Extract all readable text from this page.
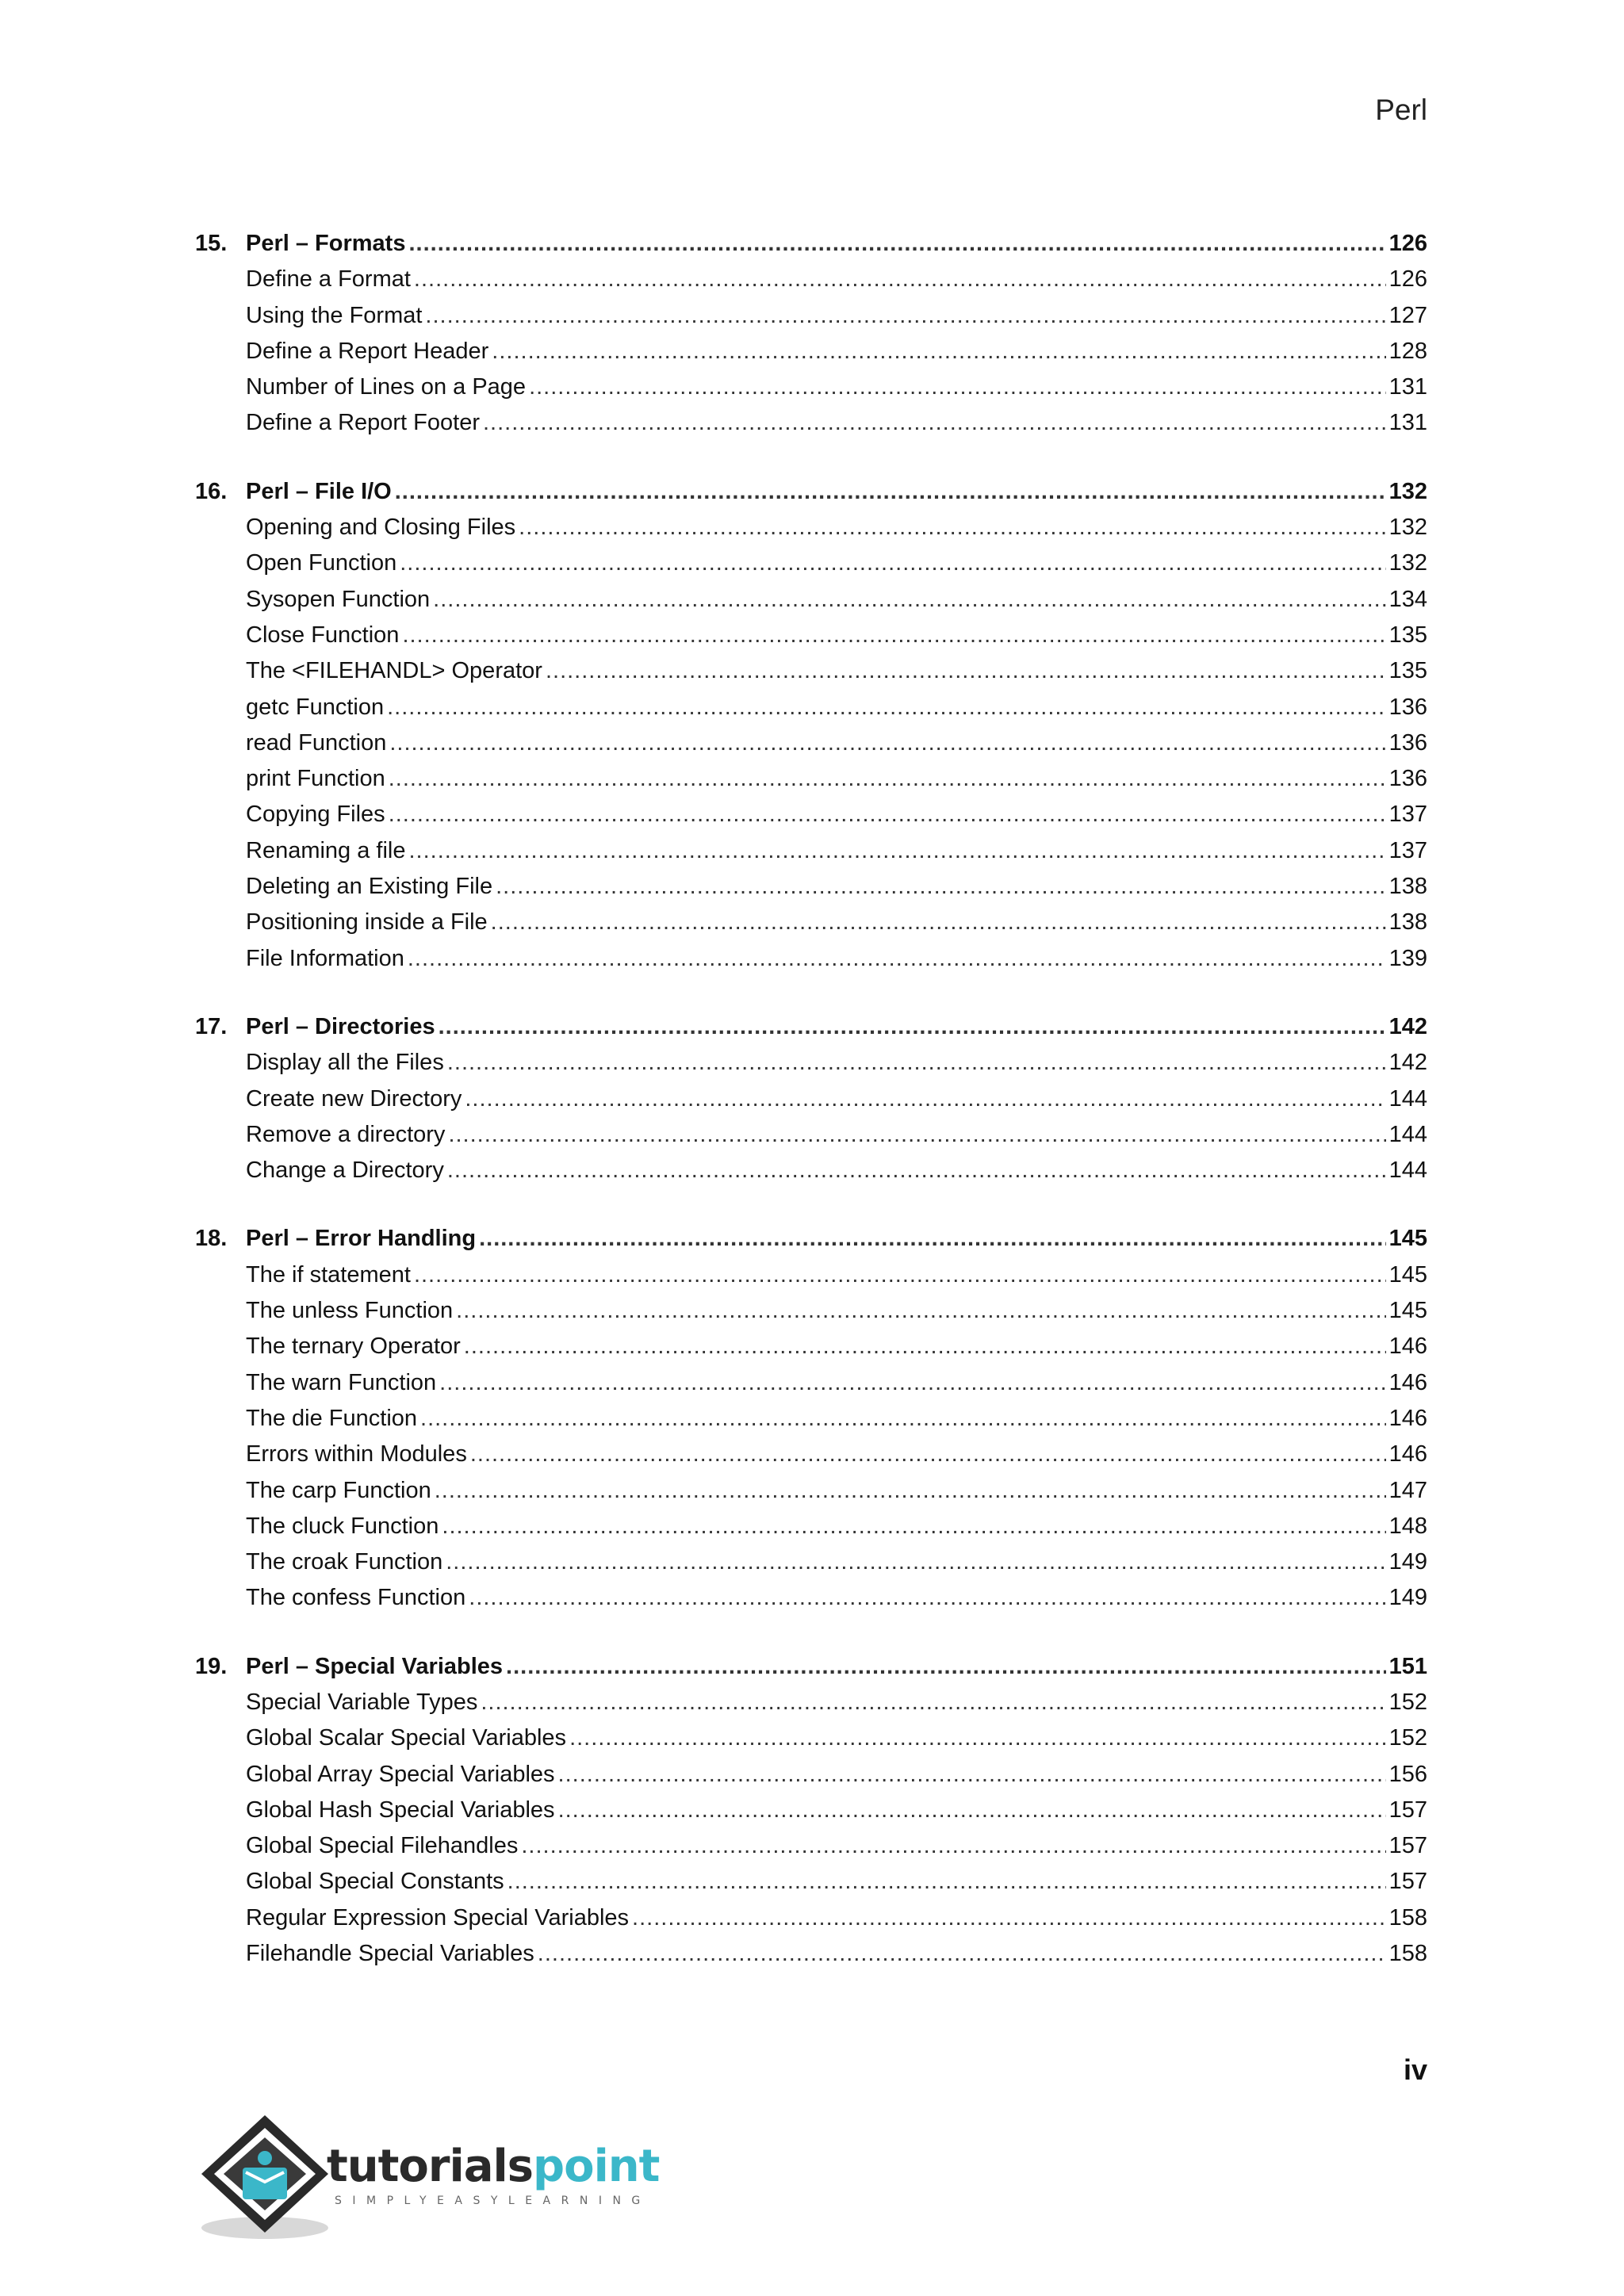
Perl
15. Perl – Formats .....	126
Define a Format .....	126
Using the Format .....	127
Define a Report Header .....	128
Number of Lines on a Page .....	131
Define a Report Footer .....	131
16. Perl – File I/O .....	132
Opening and Closing Files .....	132
Open Function .....	132
Sysopen Function .....	134
Close Function .....	135
The <FILEHANDL> Operator .....	135
getc Function .....	136
read Function .....	136
print Function .....	136
Copying Files .....	137
Renaming a file .....	137
Deleting an Existing File .....	138
Positioning inside a File .....	138
File Information .....	139
17. Perl – Directories .....	142
Display all the Files .....	142
Create new Directory .....	144
Remove a directory .....	144
Change a Directory .....	144
18. Perl – Error Handling .....	145
The if statement .....	145
The unless Function .....	145
The ternary Operator .....	146
The warn Function .....	146
The die Function .....	146
Errors within Modules .....	146
The carp Function .....	147
The cluck Function .....	148
The croak Function .....	149
The confess Function .....	149
19. Perl – Special Variables .....	151
Special Variable Types .....	152
Global Scalar Special Variables .....	152
Global Array Special Variables .....	156
Global Hash Special Variables .....	157
Global Special Filehandles .....	157
Global Special Constants .....	157
Regular Expression Special Variables .....	158
Filehandle Special Variables .....	158
iv
tutorialspoint
SIMPLYEASYLEARNING
